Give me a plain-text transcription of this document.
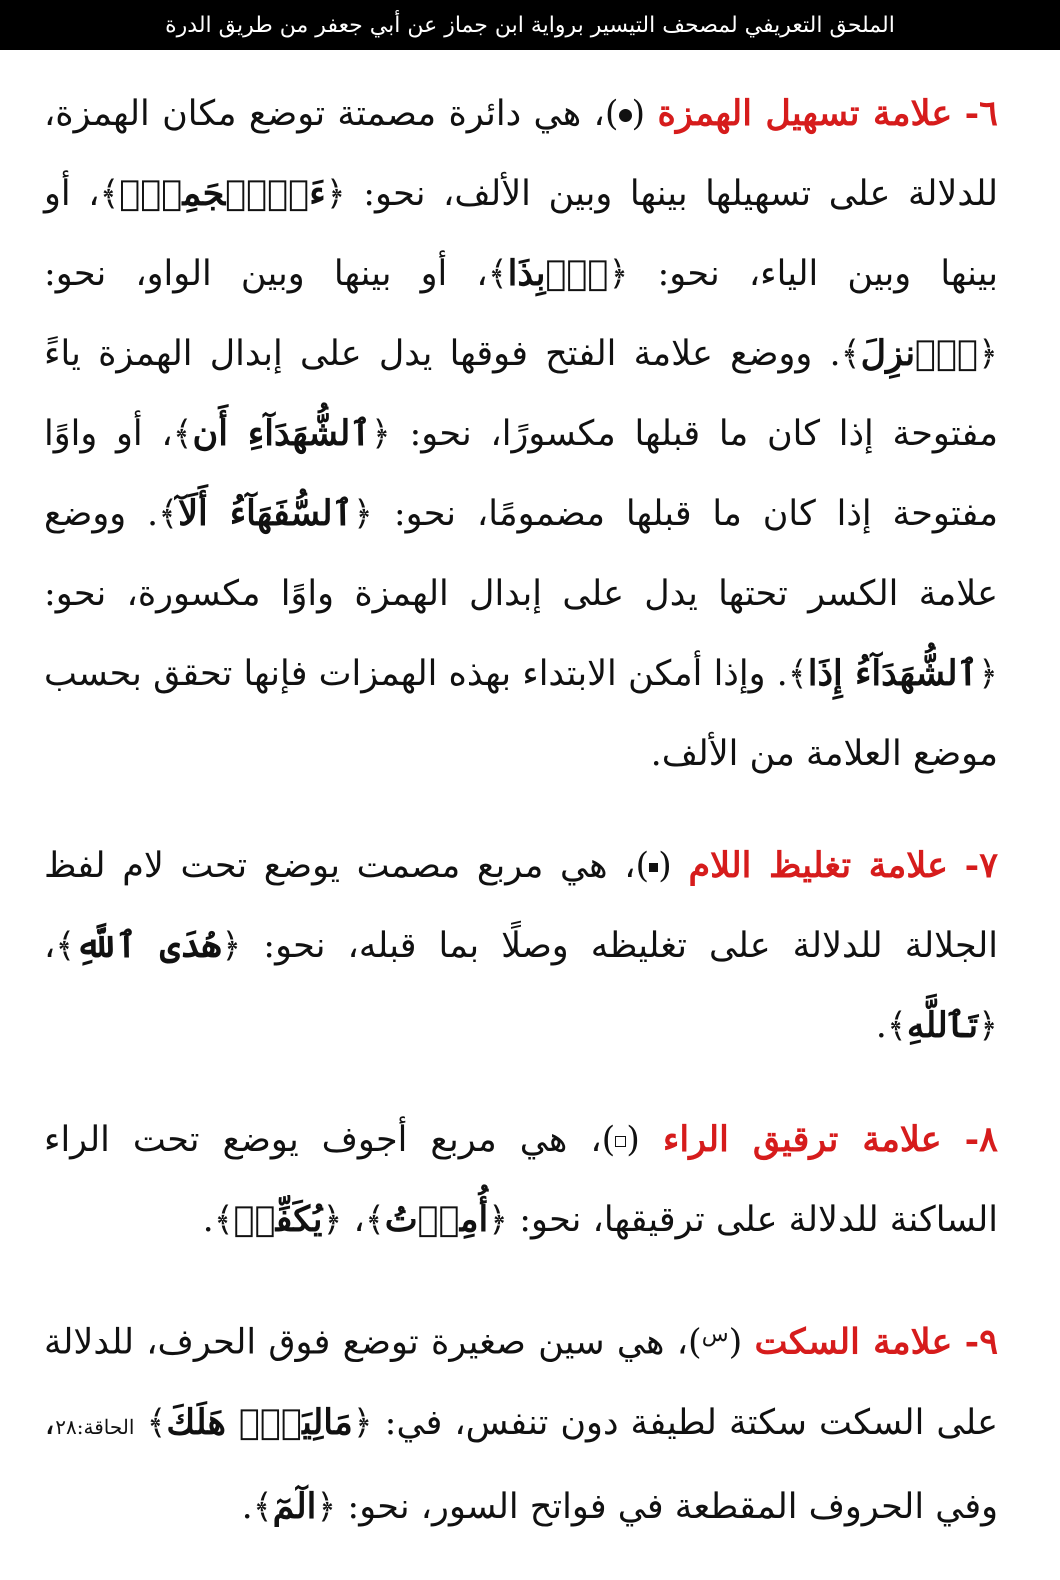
الملحق التعريفي لمصحف التيسير برواية ابن جماز عن أبي جعفر من طريق الدرة
٦- علامة تسهيل الهمزة ()، هي دائرة مصمتة توضع مكان الهمزة، للدلالة على تسهيلها بينها وبين الألف، نحو: ﴿ءَا۬عۡجَمِيّٞ﴾، أو بينها وبين الياء، نحو: ﴿أَ۬بِذَا﴾، أو بينها وبين الواو، نحو: ﴿أَ۬نزِلَ﴾. ووضع علامة الفتح فوقها يدل على إبدال الهمزة ياءً مفتوحة إذا كان ما قبلها مكسورًا، نحو: ﴿ٱلشُّهَدَآءِ أَن﴾، أو واوًا مفتوحة إذا كان ما قبلها مضمومًا، نحو: ﴿ٱلسُّفَهَآءُ أَلَآ﴾. ووضع علامة الكسر تحتها يدل على إبدال الهمزة واوًا مكسورة، نحو: ﴿ٱلشُّهَدَآءُ إِذَا﴾. وإذا أمكن الابتداء بهذه الهمزات فإنها تحقق بحسب موضع العلامة من الألف.
٧- علامة تغليظ اللام ()، هي مربع مصمت يوضع تحت لام لفظ الجلالة للدلالة على تغليظه وصلًا بما قبله، نحو: ﴿هُدَى ٱللَّهِ﴾، ﴿تَٱللَّهِ﴾.
٨- علامة ترقيق الراء ()، هي مربع أجوف يوضع تحت الراء الساكنة للدلالة على ترقيقها، نحو: ﴿أُمِرۡتُ﴾، ﴿يُكَفِّرۡ﴾.
٩- علامة السكت ($^س$)، هي سين صغيرة توضع فوق الحرف، للدلالة على السكت سكتة لطيفة دون تنفس، في: ﴿مَالِيَهۡۜ هَلَكَ﴾ الحاقة:٢٨، وفي الحروف المقطعة في فواتح السور، نحو: ﴿الٓمٓ﴾.
